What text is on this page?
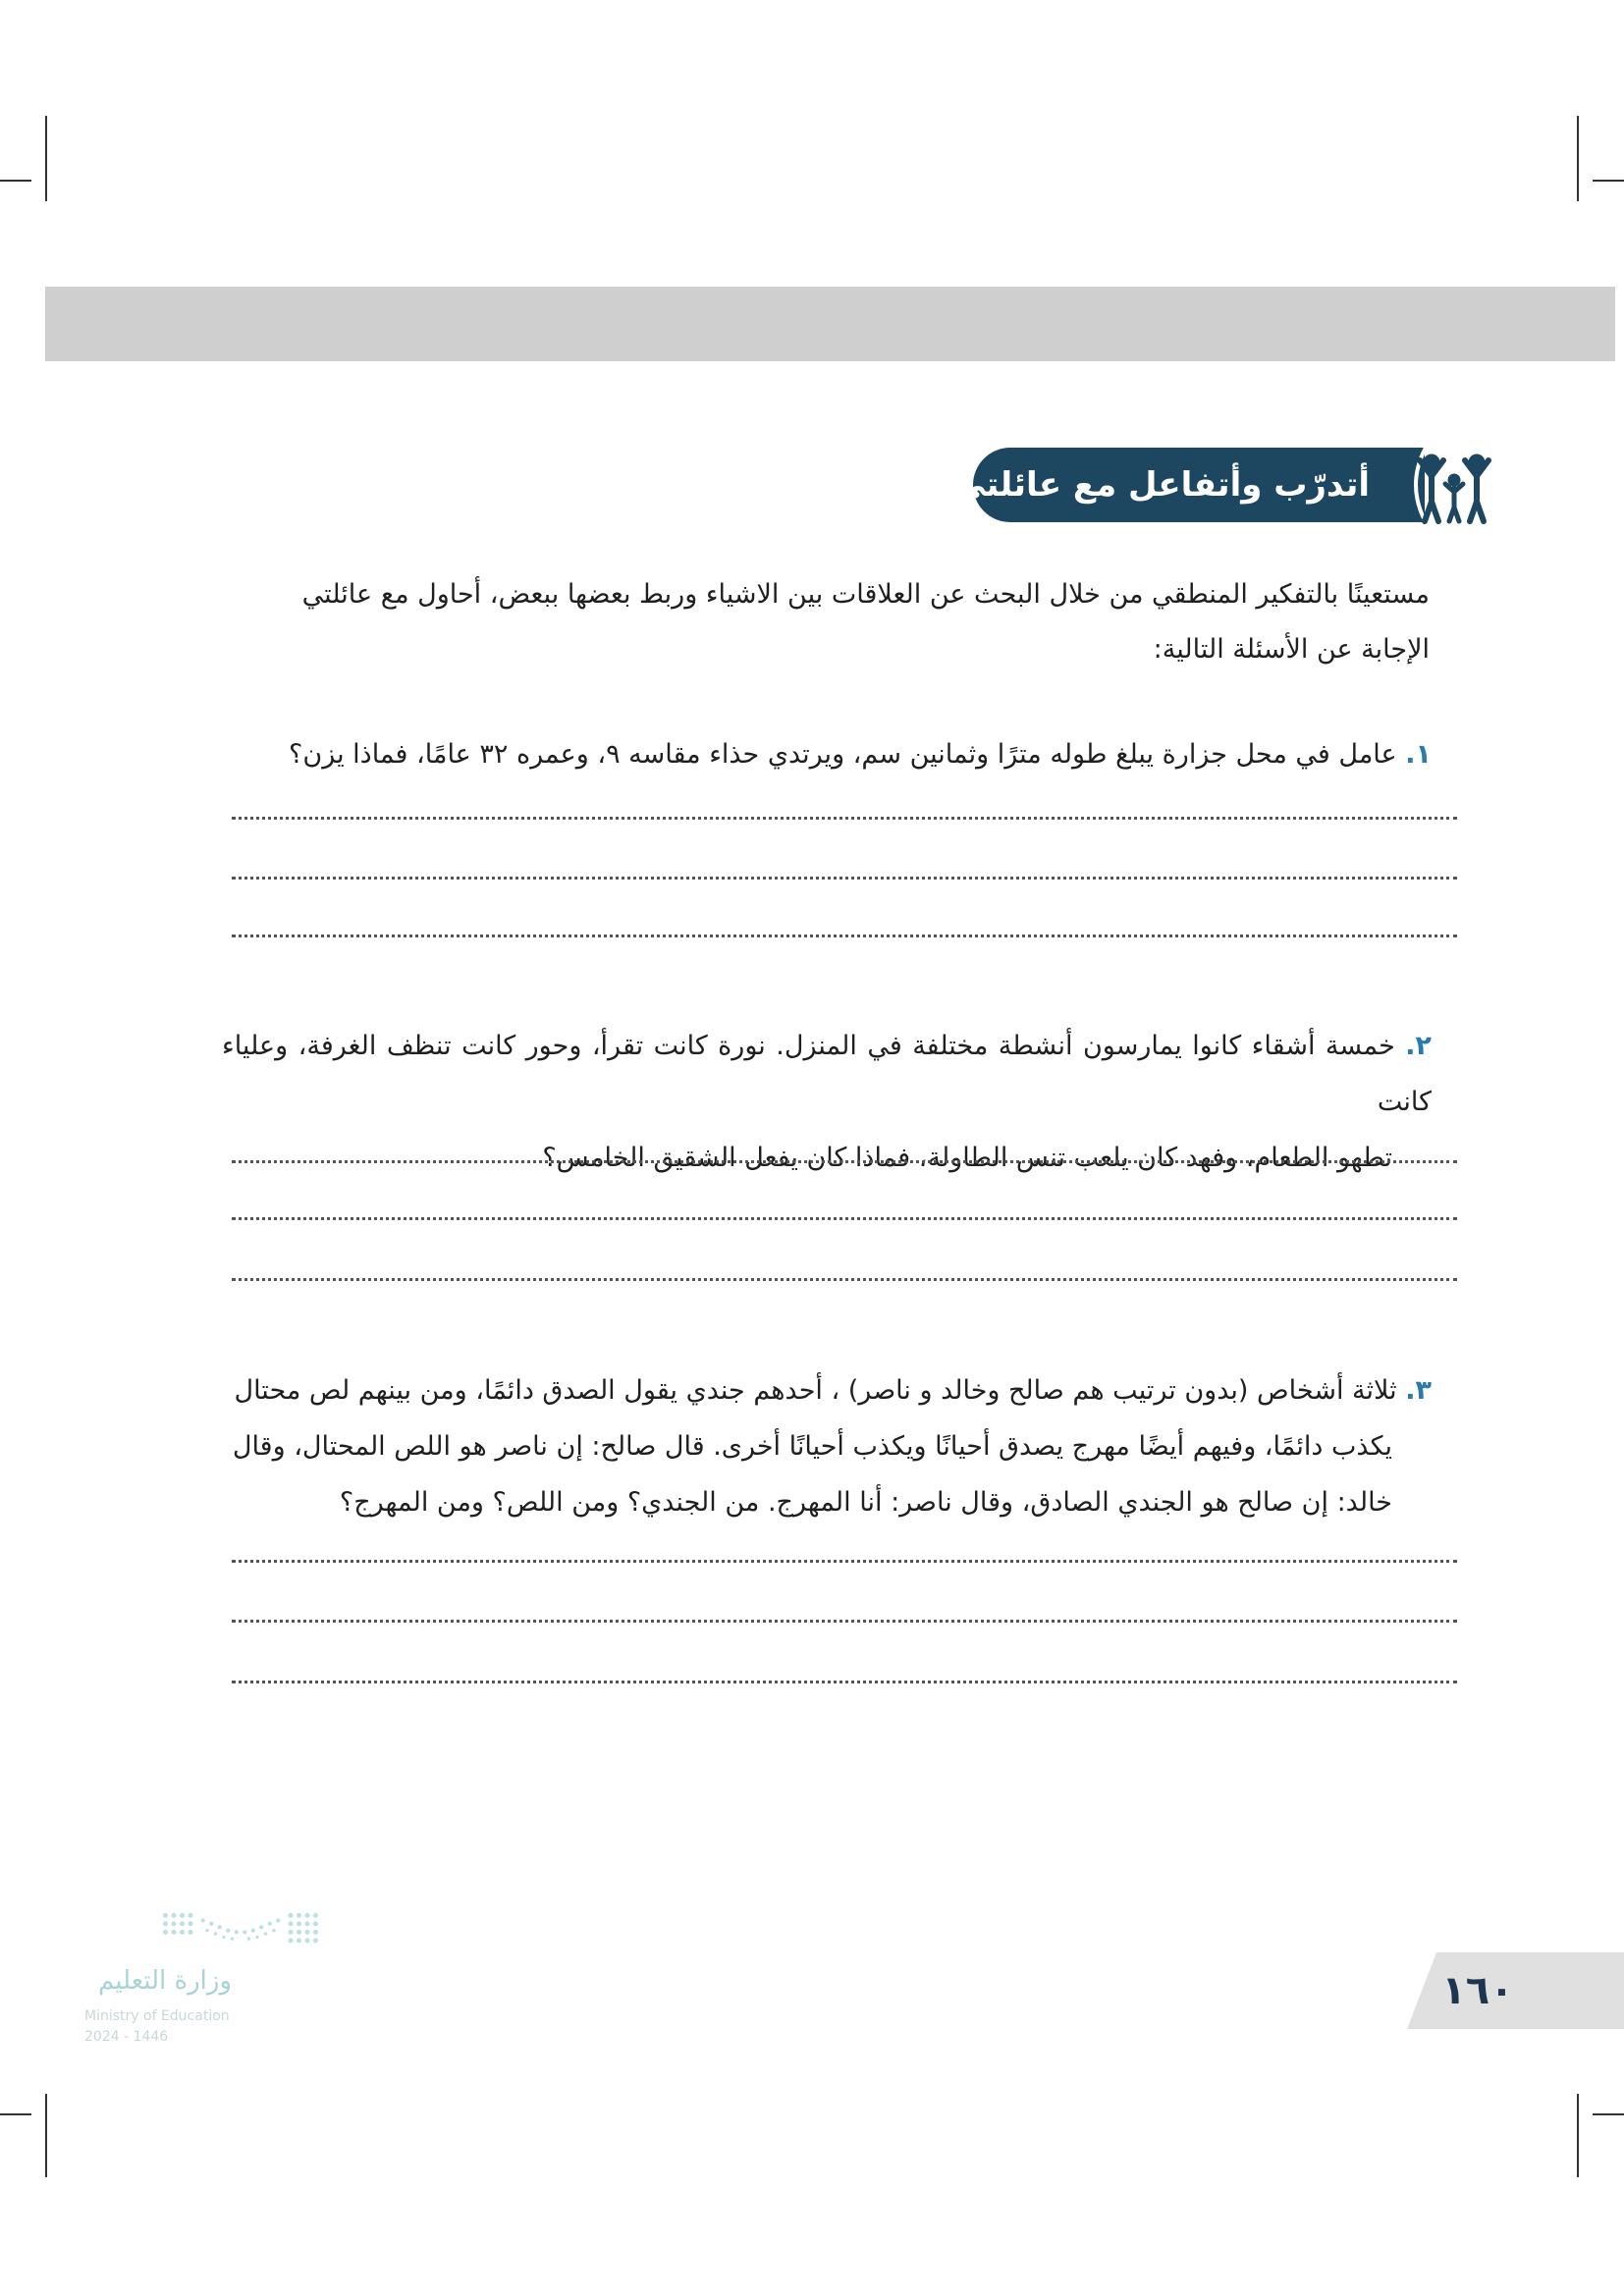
أتدرّب وأتفاعل مع عائلتي
مستعينًا بالتفكير المنطقي من خلال البحث عن العلاقات بين الاشياء وربط بعضها ببعض، أحاول مع عائلتي
الإجابة عن الأسئلة التالية:
١. عامل في محل جزارة يبلغ طوله مترًا وثمانين سم، ويرتدي حذاء مقاسه ٩، وعمره ٣٢ عامًا، فماذا يزن؟
٢. خمسة أشقاء كانوا يمارسون أنشطة مختلفة في المنزل. نورة كانت تقرأ، وحور كانت تنظف الغرفة، وعلياء كانت
تطهو الطعام، وفهد كان يلعب تنس الطاولة، فماذا كان يفعل الشقيق الخامس؟
٣. ثلاثة أشخاص (بدون ترتيب هم صالح وخالد و ناصر) ، أحدهم جندي يقول الصدق دائمًا، ومن بينهم لص محتال
يكذب دائمًا، وفيهم أيضًا مهرج يصدق أحيانًا ويكذب أحيانًا أخرى. قال صالح: إن ناصر هو اللص المحتال، وقال
خالد: إن صالح هو الجندي الصادق، وقال ناصر: أنا المهرج. من الجندي؟ ومن اللص؟ ومن المهرج؟
وزارة التعليم
Ministry of Education
2024 - 1446
١٦٠
